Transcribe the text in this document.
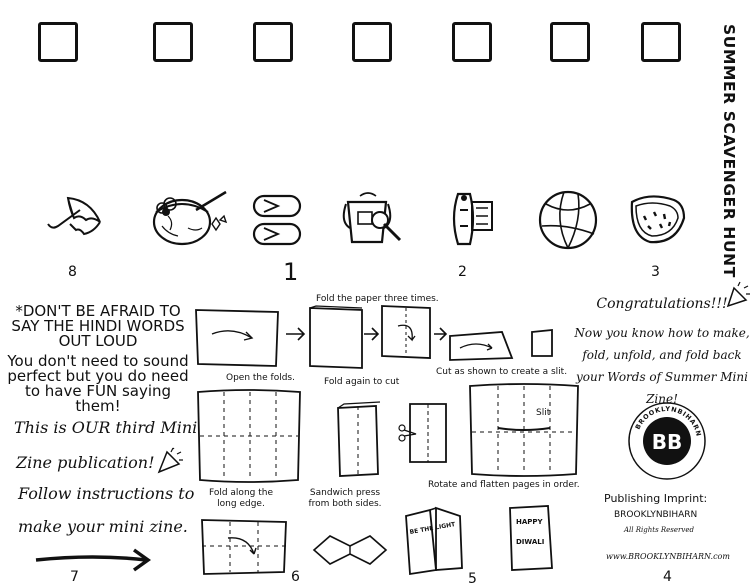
SUMMER SCAVENGER HUNT
8	1	2	3
*DON'T BE AFRAID TO SAY THE HINDI WORDS OUT LOUD
You don't need to sound perfect but you do need to have FUN saying them!
This is OUR third Mini
Zine publication!
Follow instructions to
make your mini zine.
7	6	5	4
Fold the paper three times.
Open the folds.	Fold again to cut
Cut as shown to create a slit.
Slit
Fold along the long edge.
Sandwich press from both sides.
Rotate and flatten pages in order.
BE THE LIGHT	HAPPY
DIWALI
Congratulations!!!
Now you know how to make, fold, unfold, and fold back your Words of Summer Mini Zine!
BROOKLYNBIHARN
BB
Publishing Imprint:
BROOKLYNBIHARN
All Rights Reserved
www.BROOKLYNBIHARN.com
